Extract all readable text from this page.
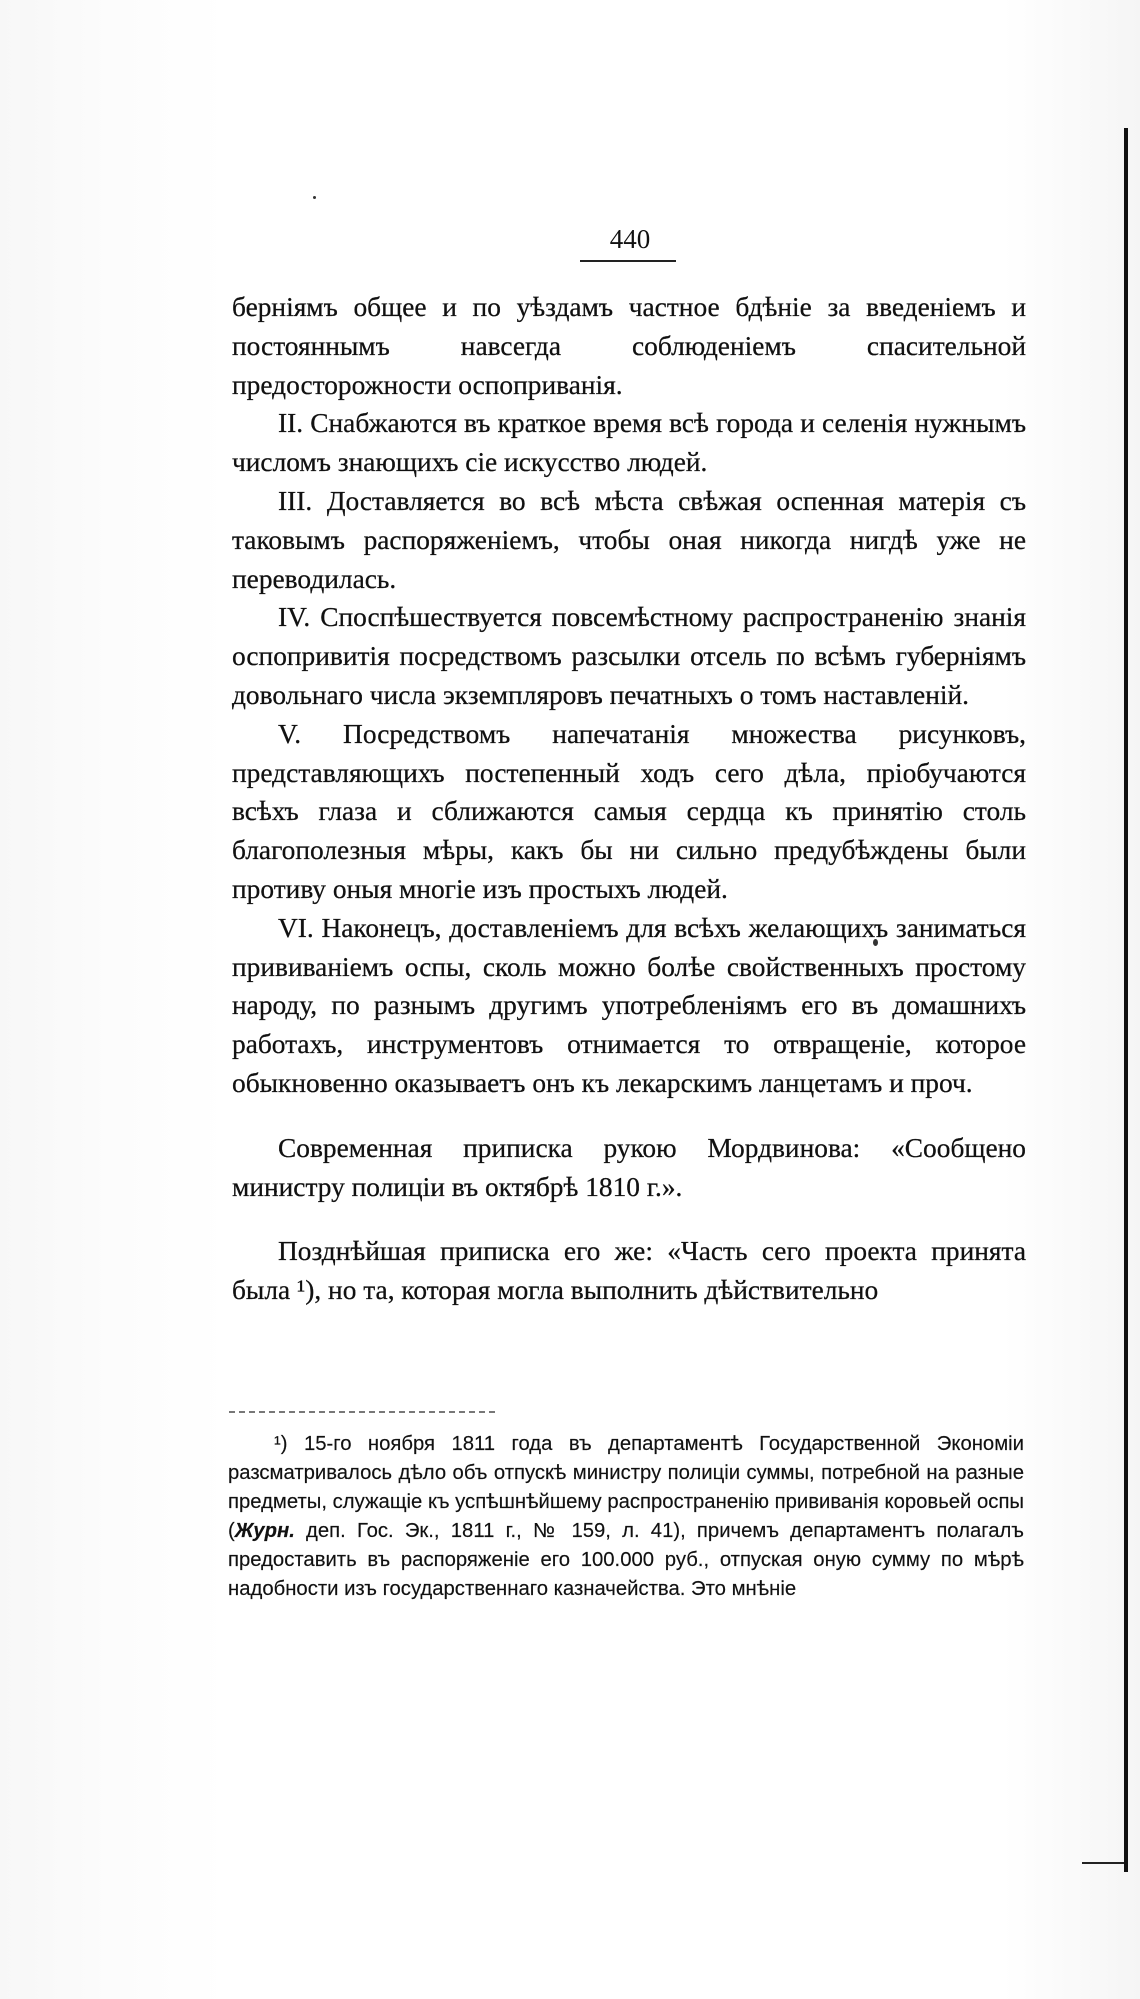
440

берніямъ общее и по уѣздамъ частное бдѣніе за введеніемъ и постояннымъ навсегда соблюденіемъ спасительной предосторожности оспоприванія.

II. Снабжаются въ краткое время всѣ города и селенія нужнымъ числомъ знающихъ сіе искусство людей.

III. Доставляется во всѣ мѣста свѣжая оспенная матерія съ таковымъ распоряженіемъ, чтобы оная никогда нигдѣ уже не переводилась.

IV. Споспѣшествуется повсемѣстному распространенію знанія оспопривитія посредствомъ разсылки отсель по всѣмъ губерніямъ довольнаго числа экземпляровъ печатныхъ о томъ наставленій.

V. Посредствомъ напечатанія множества рисунковъ, представляющихъ постепенный ходъ сего дѣла, пріобучаются всѣхъ глаза и сближаются самыя сердца къ принятію столь благополезныя мѣры, какъ бы ни сильно предубѣждены были противу оныя многіе изъ простыхъ людей.

VI. Наконецъ, доставленіемъ для всѣхъ желающихъ заниматься прививаніемъ оспы, сколь можно болѣе свойственныхъ простому народу, по разнымъ другимъ употребленіямъ его въ домашнихъ работахъ, инструментовъ отнимается то отвращеніе, которое обыкновенно оказываетъ онъ къ лекарскимъ ланцетамъ и проч.

Современная приписка рукою Мордвинова: «Сообщено министру полиціи въ октябрѣ 1810 г.».

Позднѣйшая приписка его же: «Часть сего проекта принята была ¹), но та, которая могла выполнить дѣйствительно

¹) 15-го ноября 1811 года въ департаментѣ Государственной Экономіи разсматривалось дѣло объ отпускѣ министру полиціи суммы, потребной на разные предметы, служащіе къ успѣшнѣйшему распространенію прививанія коровьей оспы (Журн. деп. Гос. Эк., 1811 г., № 159, л. 41), причемъ департаментъ полагалъ предоставить въ распоряженіе его 100.000 руб., отпуская оную сумму по мѣрѣ надобности изъ государственнаго казначейства. Это мнѣніе
